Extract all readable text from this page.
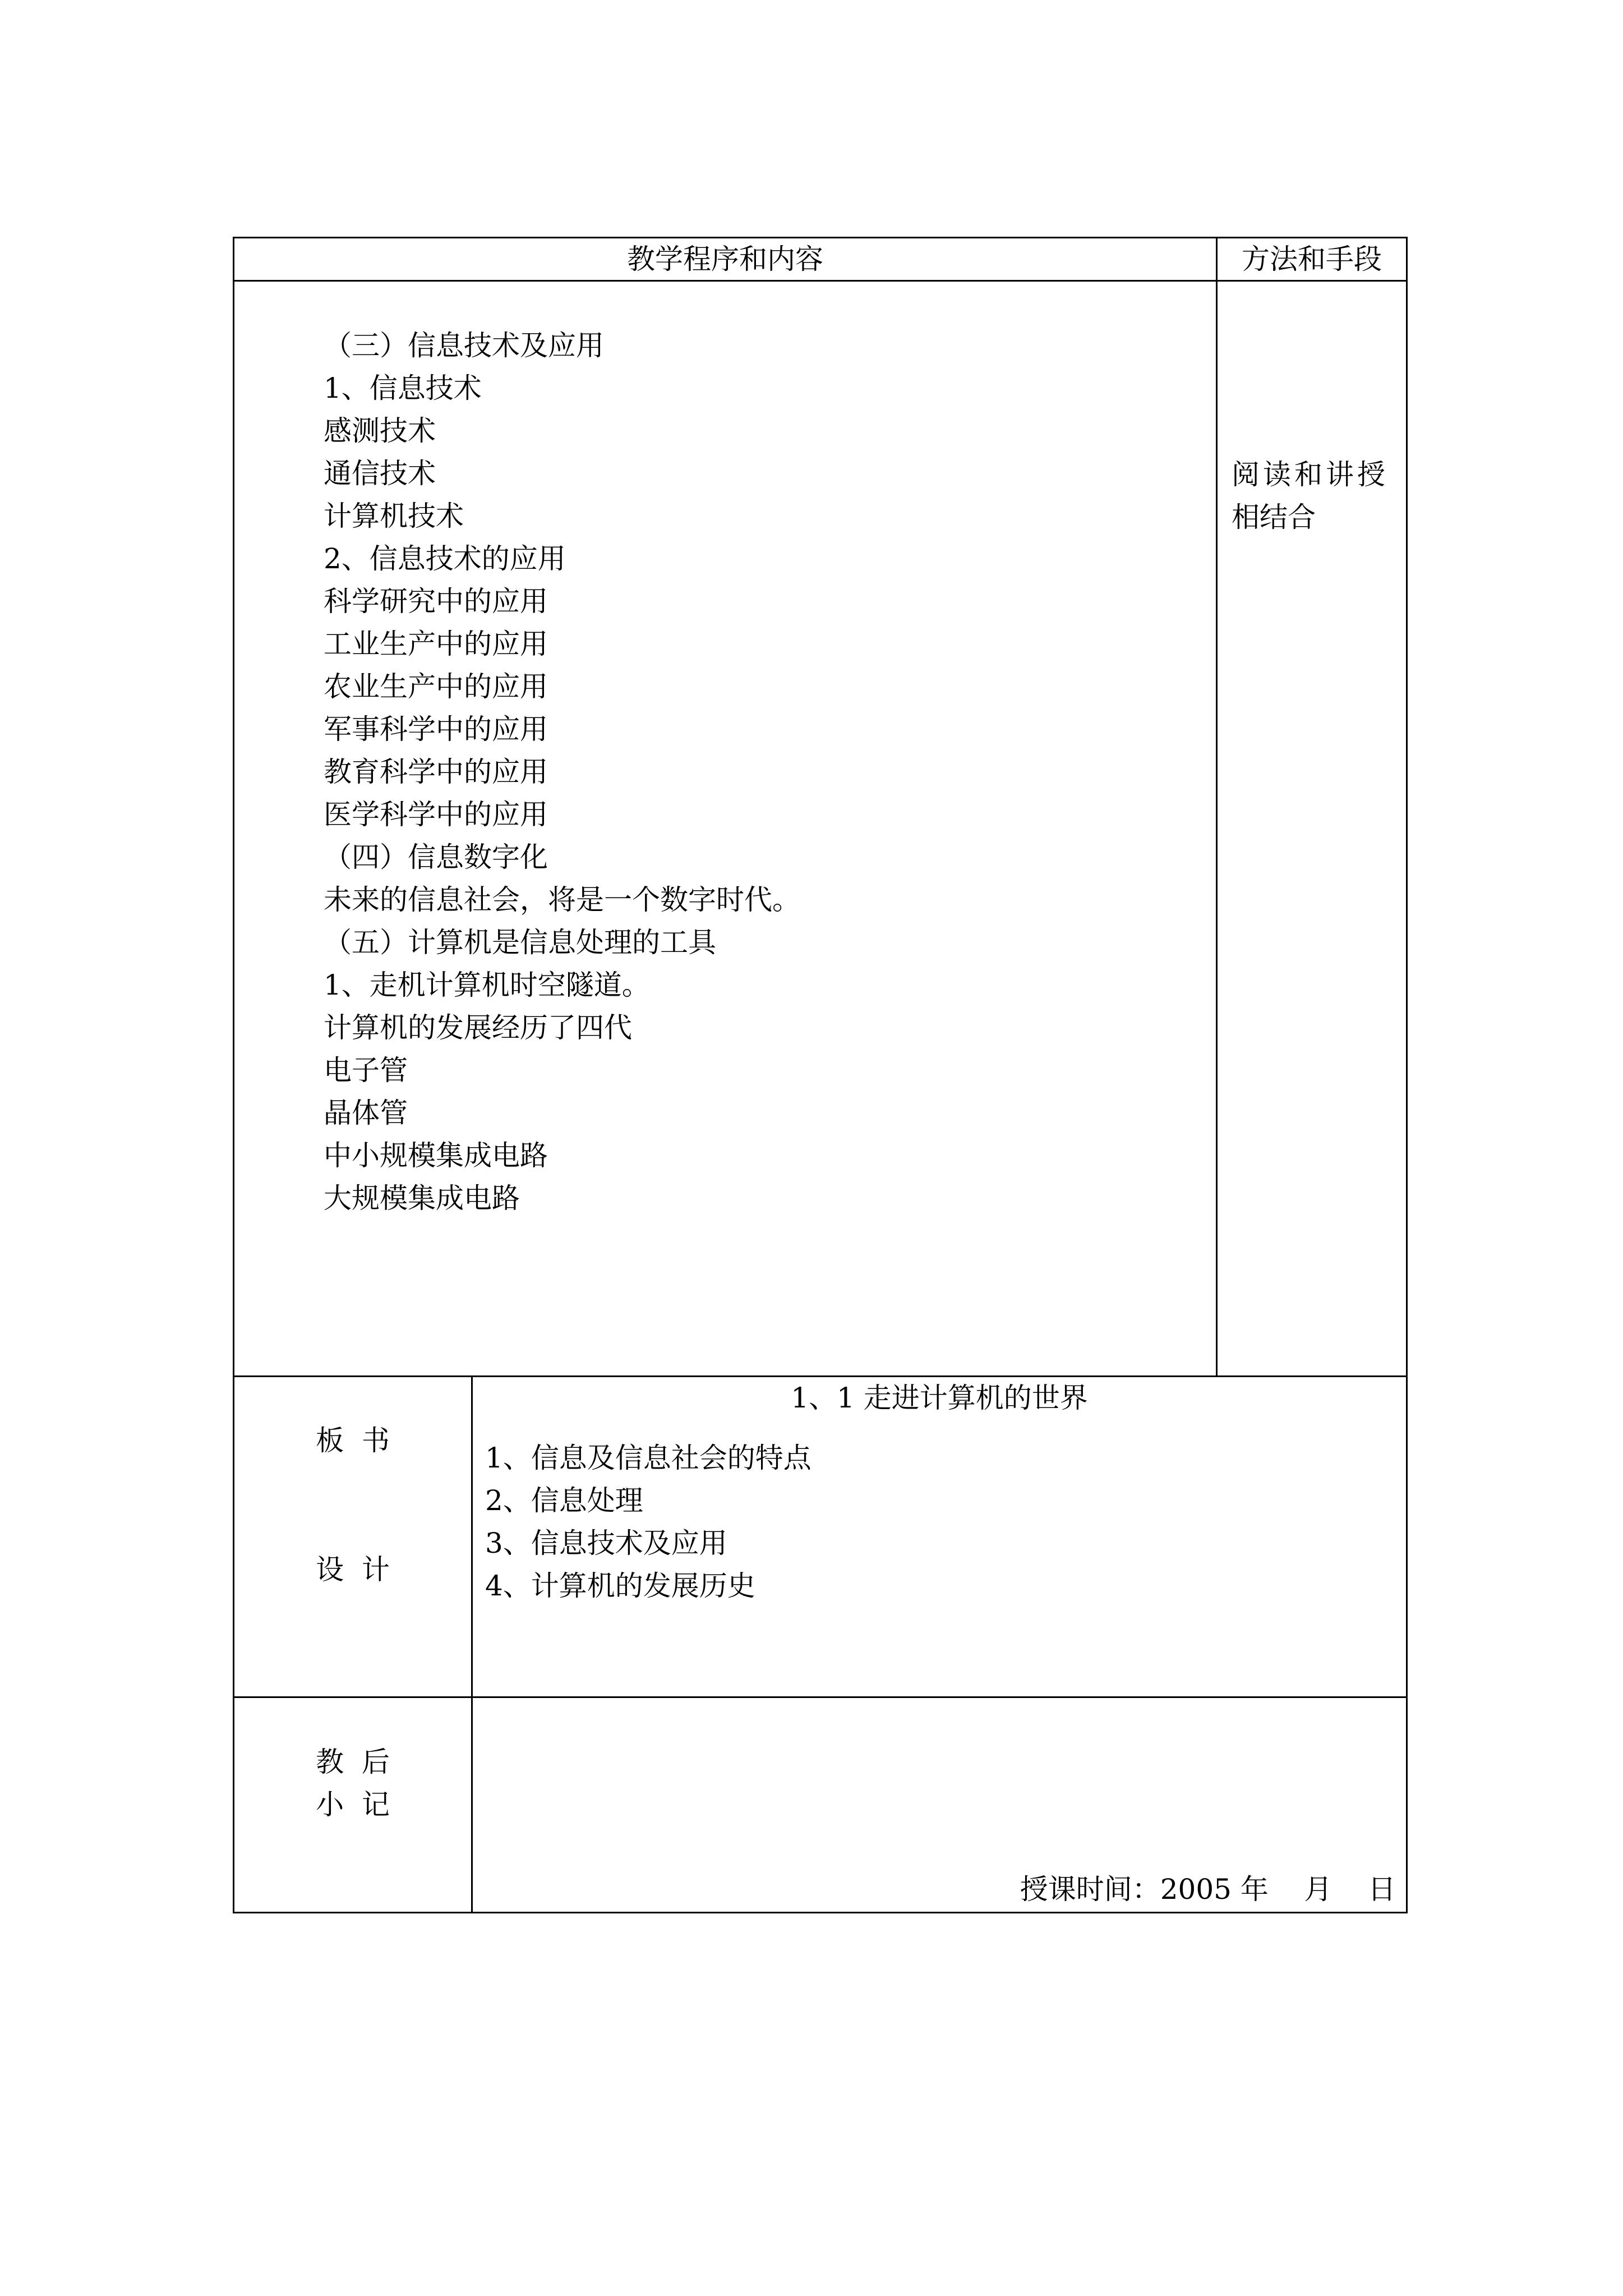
教学程序和内容	方法和手段
（三）信息技术及应用
1、信息技术
感测技术
通信技术
计算机技术
2、信息技术的应用
科学研究中的应用
工业生产中的应用
农业生产中的应用
军事科学中的应用
教育科学中的应用
医学科学中的应用
（四）信息数字化
未来的信息社会，将是一个数字时代。
（五）计算机是信息处理的工具
1、走机计算机时空隧道。
计算机的发展经历了四代
电子管
晶体管
中小规模集成电路
大规模集成电路
阅读和讲授
相结合
板  书
设  计
1、1 走进计算机的世界
1、信息及信息社会的特点
2、信息处理
3、信息技术及应用
4、计算机的发展历史
教  后
小  记
授课时间：2005 年    月    日
